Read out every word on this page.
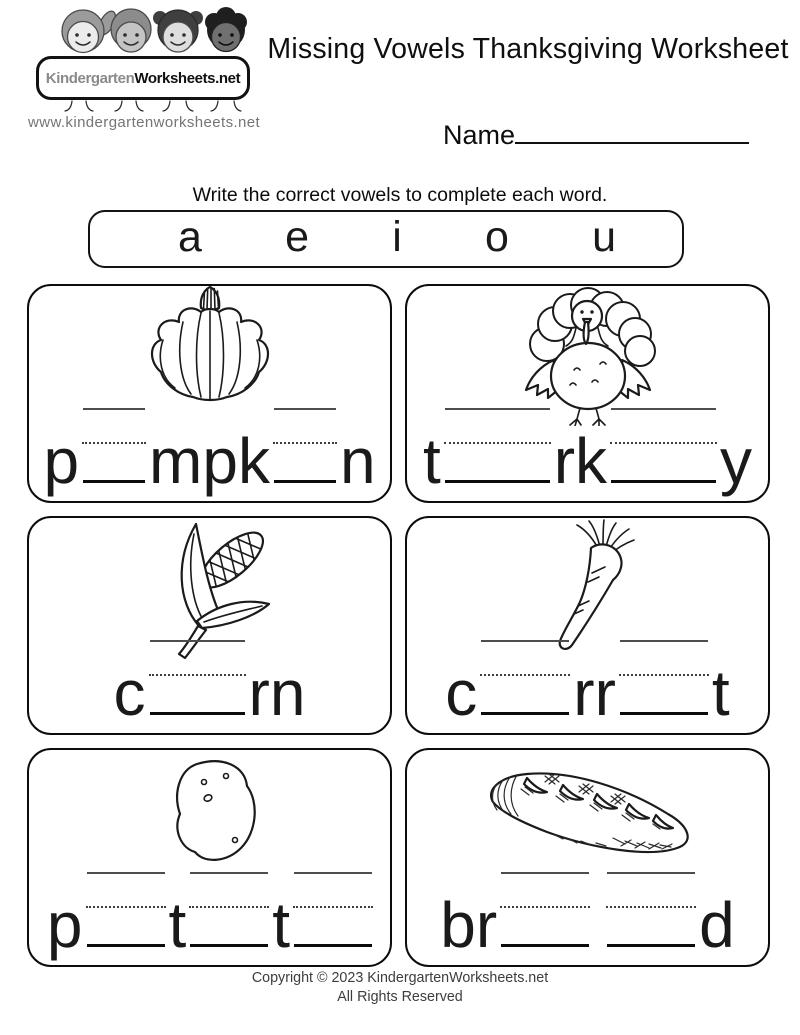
Kindergarten Worksheets.net
www.kindergartenworksheets.net
Missing Vowels Thanksgiving Worksheet
Name
Write the correct vowels to complete each word.
a e i o u
p mpk n t rk y
c rn c rr t
p t t br	d
Copyright © 2023 KindergartenWorksheets.net
All Rights Reserved
